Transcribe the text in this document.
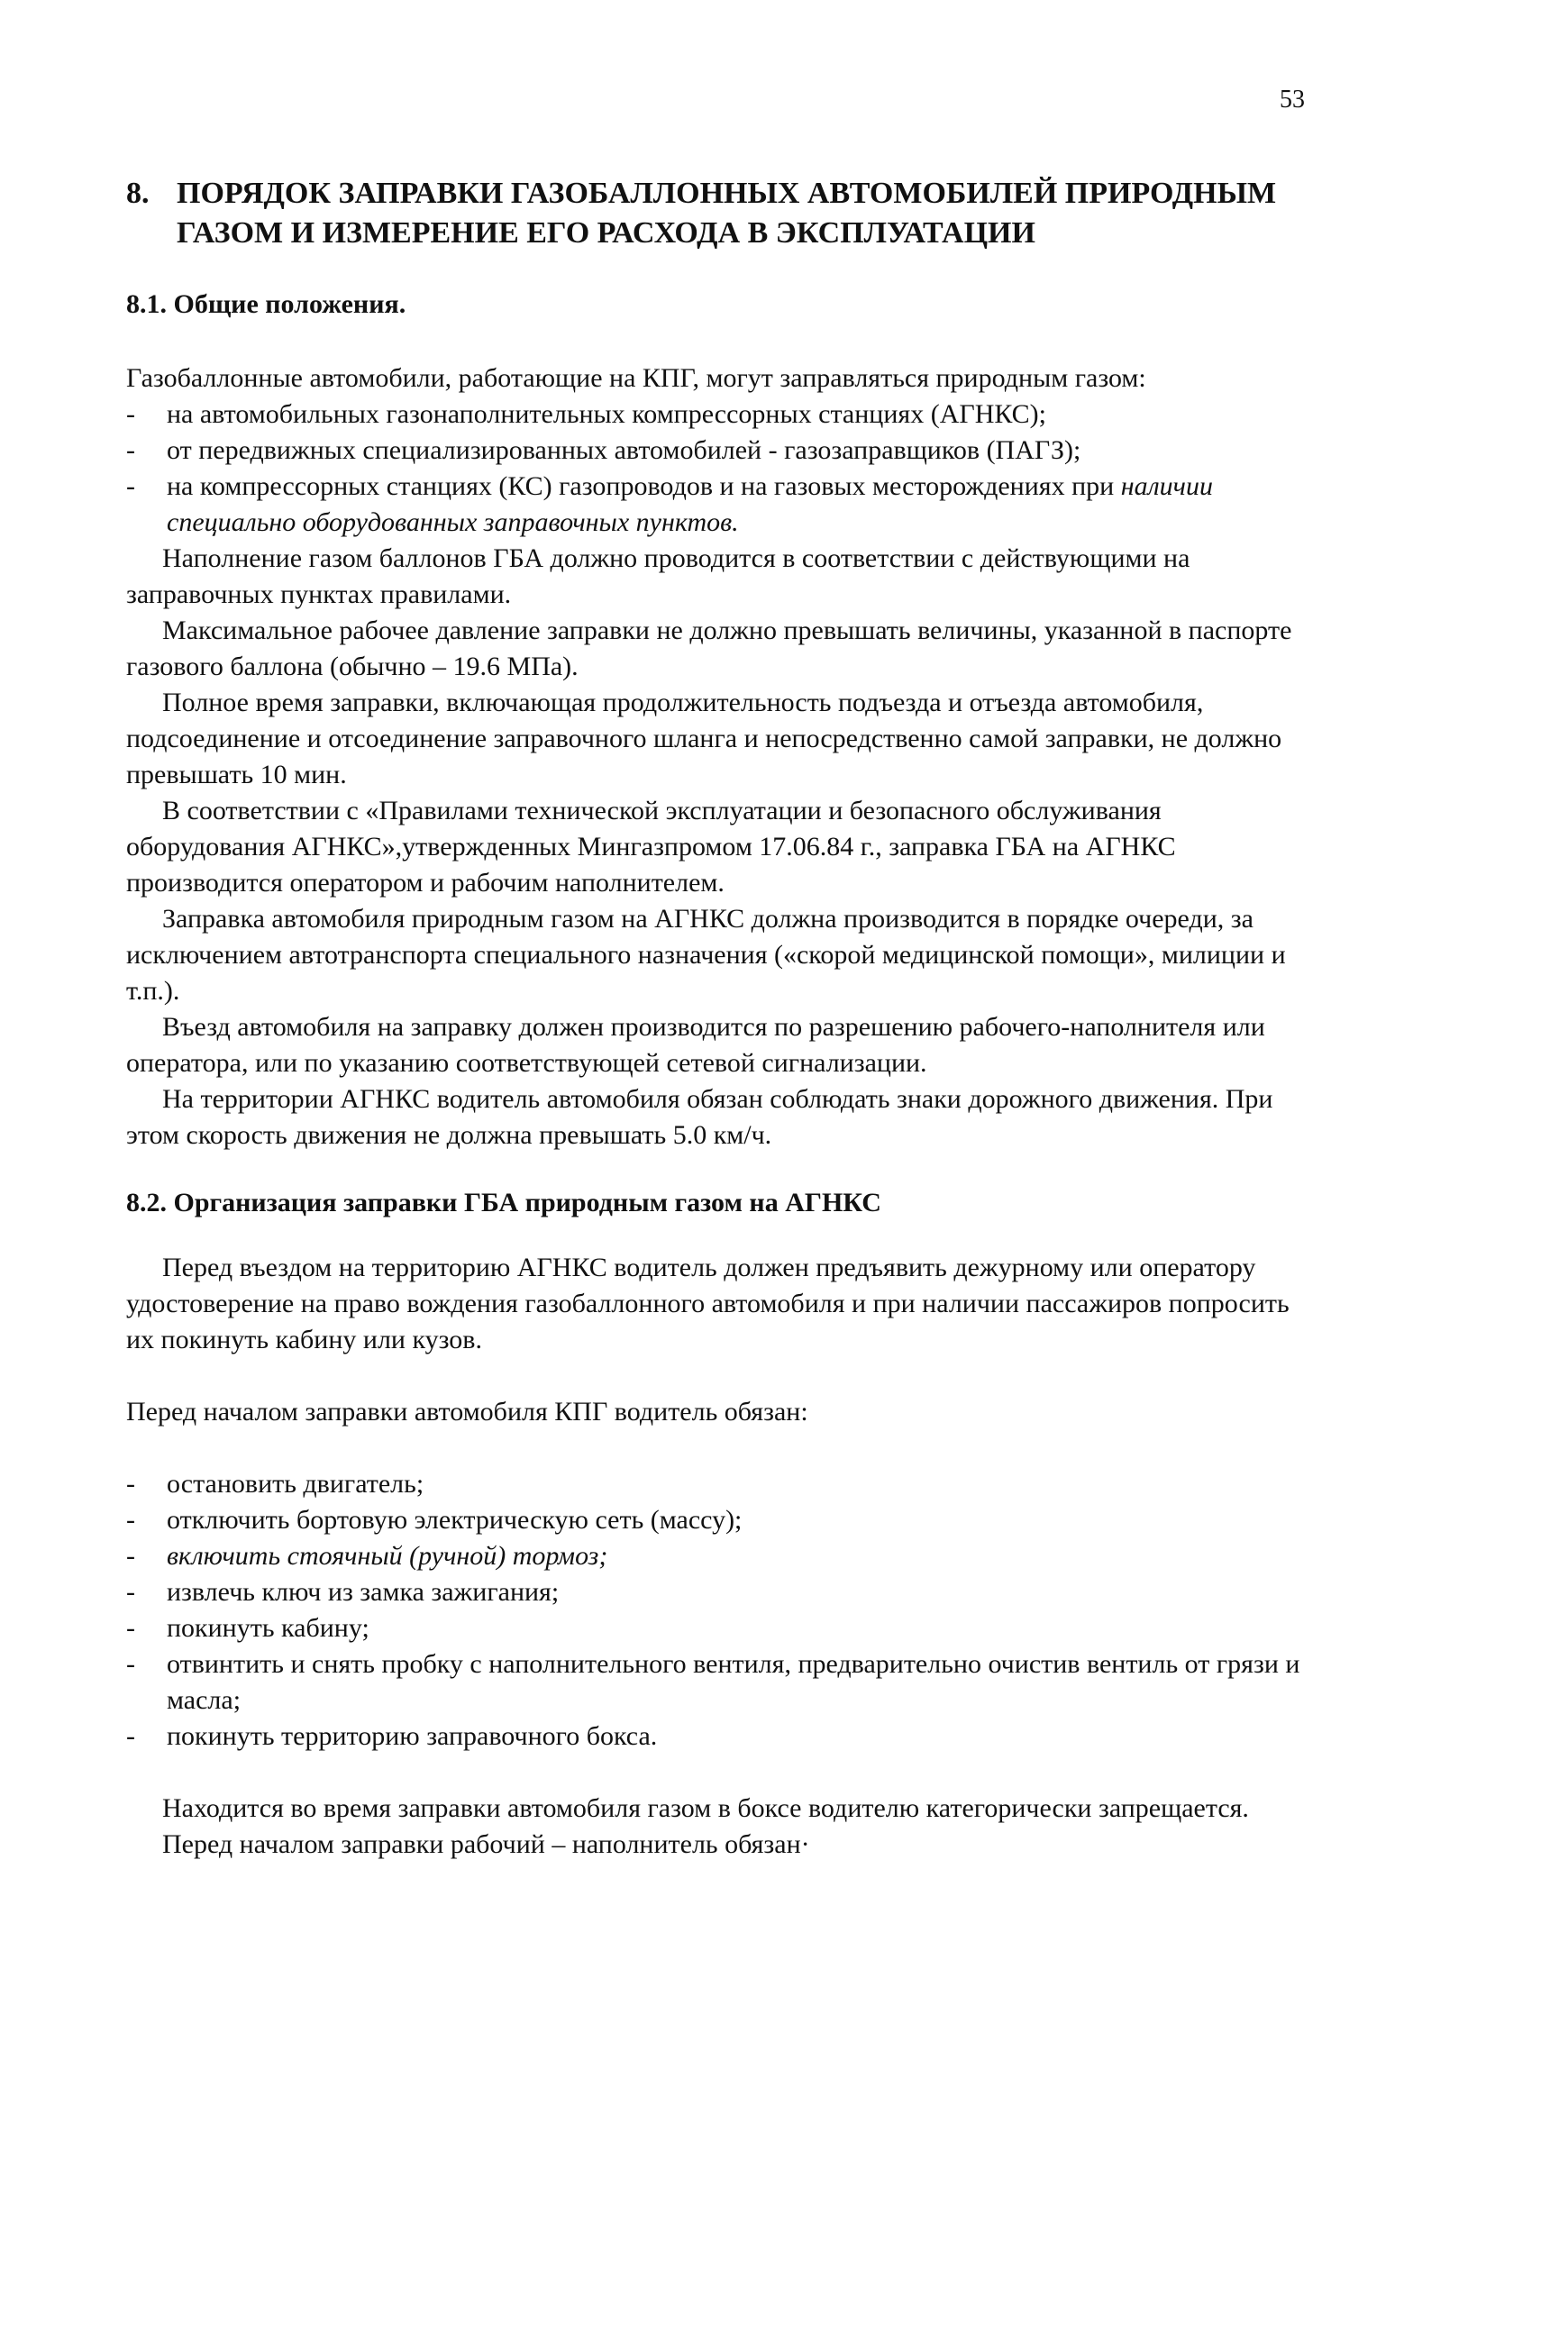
53
8. ПОРЯДОК ЗАПРАВКИ ГАЗОБАЛЛОННЫХ АВТОМОБИЛЕЙ ПРИРОДНЫМ
ГАЗОМ И ИЗМЕРЕНИЕ ЕГО РАСХОДА В ЭКСПЛУАТАЦИИ
8.1. Общие положения.

Газобаллонные автомобили, работающие на КПГ, могут заправляться природным газом:

- на автомобильных газонаполнительных компрессорных станциях (АГНКС);
- от передвижных специализированных автомобилей - газозаправщиков (ПАГЗ);
- на компрессорных станциях (КС) газопроводов и на газовых месторождениях при наличии специально оборудованных заправочных пунктов.

Наполнение газом баллонов ГБА должно проводится в соответствии с действующими на заправочных пунктах правилами.

Максимальное рабочее давление заправки не должно превышать величины, указанной в паспорте газового баллона (обычно – 19.6 МПа).

Полное время заправки, включающая продолжительность подъезда и отъезда автомобиля, подсоединение и отсоединение заправочного шланга и непосредственно самой заправки, не должно превышать 10 мин.

В соответствии с «Правилами технической эксплуатации и безопасного обслуживания оборудования АГНКС»,утвержденных Мингазпромом 17.06.84 г., заправка ГБА на АГНКС производится оператором и рабочим наполнителем.

Заправка автомобиля природным газом на АГНКС должна производится в порядке очереди, за исключением автотранспорта специального назначения («скорой медицинской помощи», милиции и т.п.).

Въезд автомобиля на заправку должен производится по разрешению рабочего-наполнителя или оператора, или по указанию соответствующей сетевой сигнализации.

На территории АГНКС водитель автомобиля обязан соблюдать знаки дорожного движения. При этом скорость движения не должна превышать 5.0 км/ч.

8.2. Организация заправки ГБА природным газом на АГНКС

Перед въездом на территорию АГНКС водитель должен предъявить дежурному или оператору удостоверение на право вождения газобаллонного автомобиля и при наличии пассажиров попросить их покинуть кабину или кузов.

Перед началом заправки автомобиля КПГ водитель обязан:

- остановить двигатель;
- отключить бортовую электрическую сеть (массу);
- включить стоячный (ручной) тормоз;
- извлечь ключ из замка зажигания;
- покинуть кабину;
- отвинтить и снять пробку с наполнительного вентиля, предварительно очистив вентиль от грязи и масла;
- покинуть территорию заправочного бокса.

Находится во время заправки автомобиля газом в боксе водителю категорически запрещается.

Перед началом заправки рабочий – наполнитель обязан·
